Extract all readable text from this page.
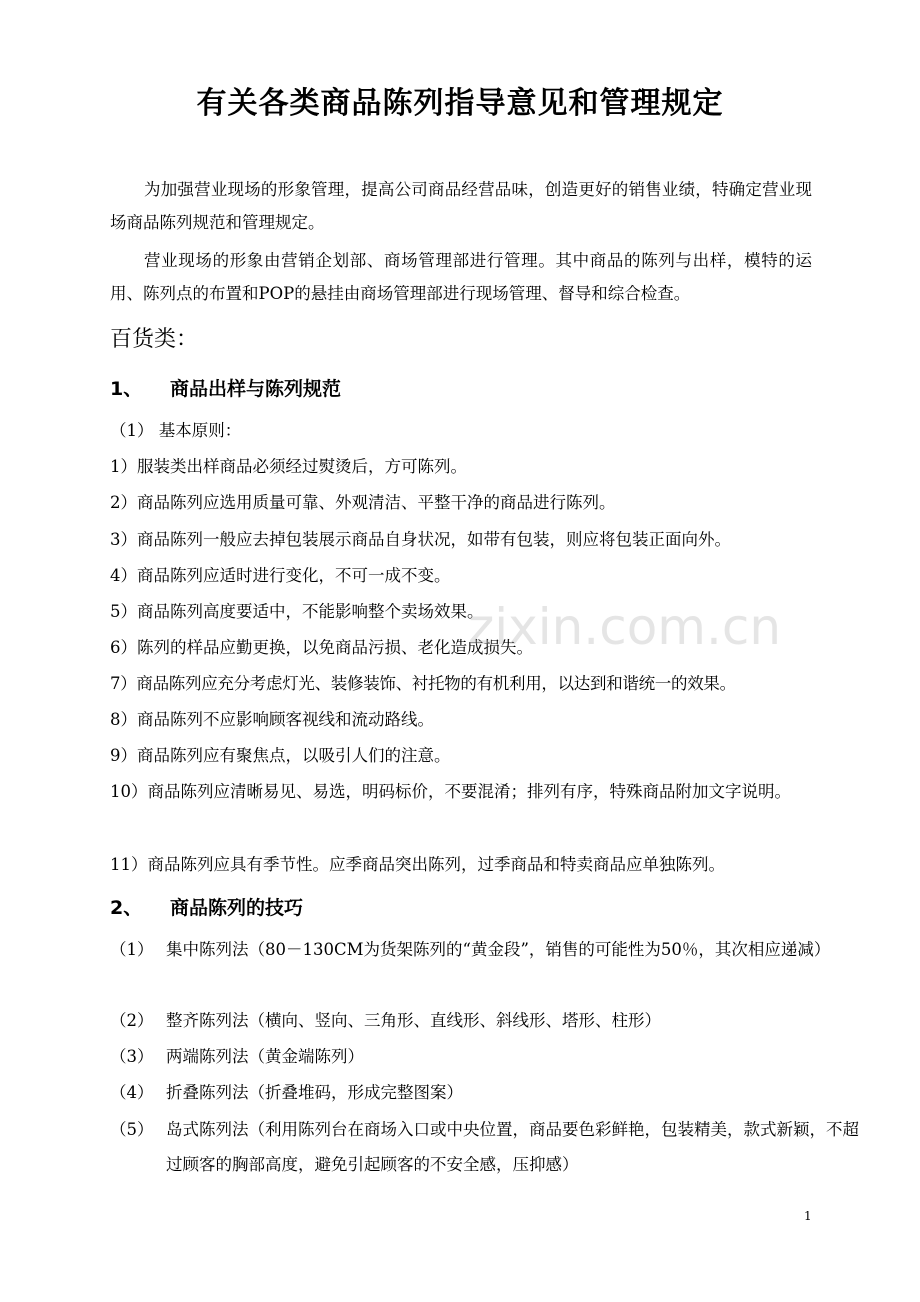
有关各类商品陈列指导意见和管理规定
为加强营业现场的形象管理，提高公司商品经营品味，创造更好的销售业绩，特确定营业现场商品陈列规范和管理规定。
营业现场的形象由营销企划部、商场管理部进行管理。其中商品的陈列与出样，模特的运用、陈列点的布置和POP的悬挂由商场管理部进行现场管理、督导和综合检查。
百货类：
1、 商品出样与陈列规范
（1） 基本原则：
1）服装类出样商品必须经过熨烫后，方可陈列。
2）商品陈列应选用质量可靠、外观清洁、平整干净的商品进行陈列。
3）商品陈列一般应去掉包装展示商品自身状况，如带有包装，则应将包装正面向外。
4）商品陈列应适时进行变化，不可一成不变。
5）商品陈列高度要适中，不能影响整个卖场效果。
6）陈列的样品应勤更换，以免商品污损、老化造成损失。
7）商品陈列应充分考虑灯光、装修装饰、衬托物的有机利用，以达到和谐统一的效果。
8）商品陈列不应影响顾客视线和流动路线。
9）商品陈列应有聚焦点，以吸引人们的注意。
10）商品陈列应清晰易见、易选，明码标价，不要混淆；排列有序，特殊商品附加文字说明。
11）商品陈列应具有季节性。应季商品突出陈列，过季商品和特卖商品应单独陈列。
2、 商品陈列的技巧
（1） 集中陈列法（80－130CM为货架陈列的“黄金段”，销售的可能性为50％，其次相应递减）
（2） 整齐陈列法（横向、竖向、三角形、直线形、斜线形、塔形、柱形）
（3） 两端陈列法（黄金端陈列）
（4） 折叠陈列法（折叠堆码，形成完整图案）
（5） 岛式陈列法（利用陈列台在商场入口或中央位置，商品要色彩鲜艳，包装精美，款式新颖，不超过顾客的胸部高度，避免引起顾客的不安全感，压抑感）
zixin.com.cn
1
